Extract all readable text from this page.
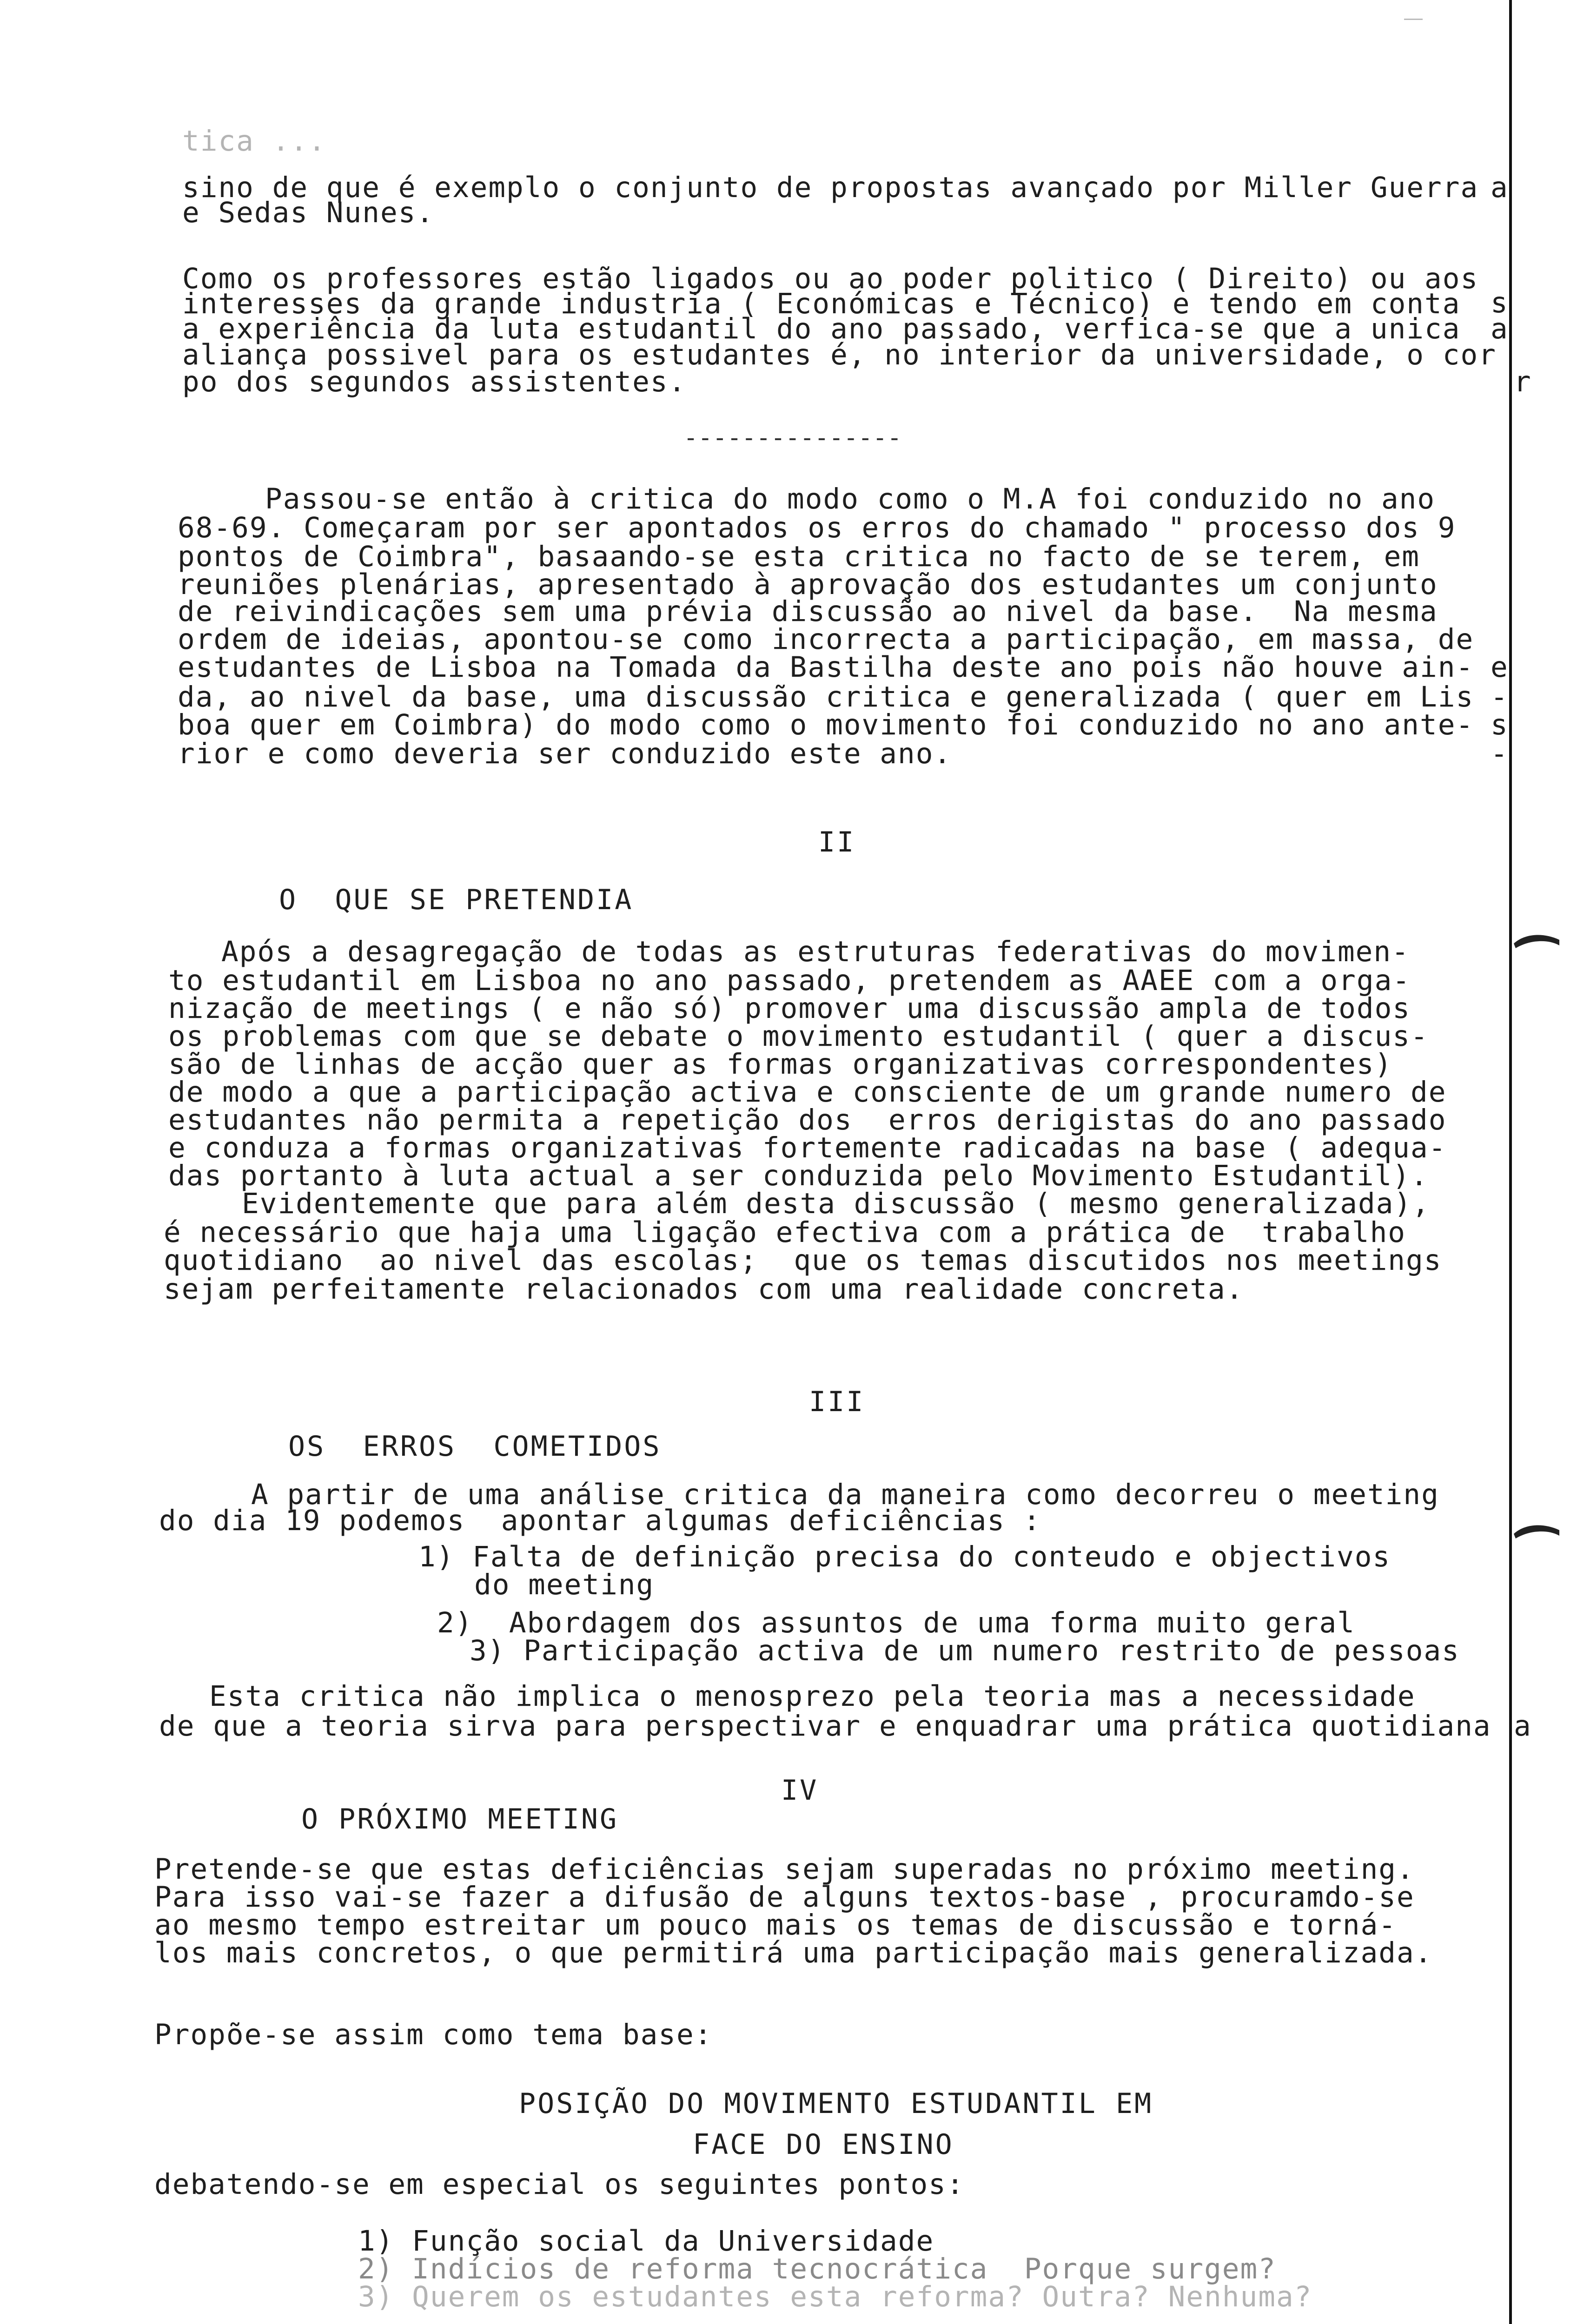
tica ...
sino de que é exemplo o conjunto de propostas avançado por Miller Guerra
e Sedas Nunes.
Como os professores estão ligados ou ao poder politico ( Direito) ou aos
interesses da grande industria ( Económicas e Técnico) e tendo em conta
a experiência da luta estudantil do ano passado, verfica-se que a unica
aliança possivel para os estudantes é, no interior da universidade, o cor
po dos segundos assistentes.
---------------
Passou-se então à critica do modo como o M.A foi conduzido no ano
68-69. Começaram por ser apontados os erros do chamado " processo dos 9
pontos de Coimbra", basaando-se esta critica no facto de se terem, em
reuniões plenárias, apresentado à aprovação dos estudantes um conjunto
de reivindicações sem uma prévia discussão ao nivel da base.  Na mesma
ordem de ideias, apontou-se como incorrecta a participação, em massa, de
estudantes de Lisboa na Tomada da Bastilha deste ano pois não houve ain-
da, ao nivel da base, uma discussão critica e generalizada ( quer em Lis
boa quer em Coimbra) do modo como o movimento foi conduzido no ano ante-
rior e como deveria ser conduzido este ano.
II
O  QUE SE PRETENDIA
Após a desagregação de todas as estruturas federativas do movimen-
to estudantil em Lisboa no ano passado, pretendem as AAEE com a orga-
nização de meetings ( e não só) promover uma discussão ampla de todos
os problemas com que se debate o movimento estudantil ( quer a discus-
são de linhas de acção quer as formas organizativas correspondentes)
de modo a que a participação activa e consciente de um grande numero de
estudantes não permita a repetição dos  erros derigistas do ano passado
e conduza a formas organizativas fortemente radicadas na base ( adequa-
das portanto à luta actual a ser conduzida pelo Movimento Estudantil).
Evidentemente que para além desta discussão ( mesmo generalizada),
é necessário que haja uma ligação efectiva com a prática de  trabalho
quotidiano  ao nivel das escolas;  que os temas discutidos nos meetings
sejam perfeitamente relacionados com uma realidade concreta.
III
OS  ERROS  COMETIDOS
A partir de uma análise critica da maneira como decorreu o meeting
do dia 19 podemos  apontar algumas deficiências :
1) Falta de definição precisa do conteudo e objectivos
do meeting
2)  Abordagem dos assuntos de uma forma muito geral
3) Participação activa de um numero restrito de pessoas
Esta critica não implica o menosprezo pela teoria mas a necessidade
de que a teoria sirva para perspectivar e enquadrar uma prática quotidiana
IV
O PRÓXIMO MEETING
Pretende-se que estas deficiências sejam superadas no próximo meeting.
Para isso vai-se fazer a difusão de alguns textos-base , procuramdo-se
ao mesmo tempo estreitar um pouco mais os temas de discussão e torná-
los mais concretos, o que permitirá uma participação mais generalizada.
Propõe-se assim como tema base:
POSIÇÃO DO MOVIMENTO ESTUDANTIL EM
FACE DO ENSINO
debatendo-se em especial os seguintes pontos:
1) Função social da Universidade
2) Indícios de reforma tecnocrática  Porque surgem?
3) Querem os estudantes esta reforma? Outra? Nenhuma?
a
s
a
r
e
-
s
-
a
